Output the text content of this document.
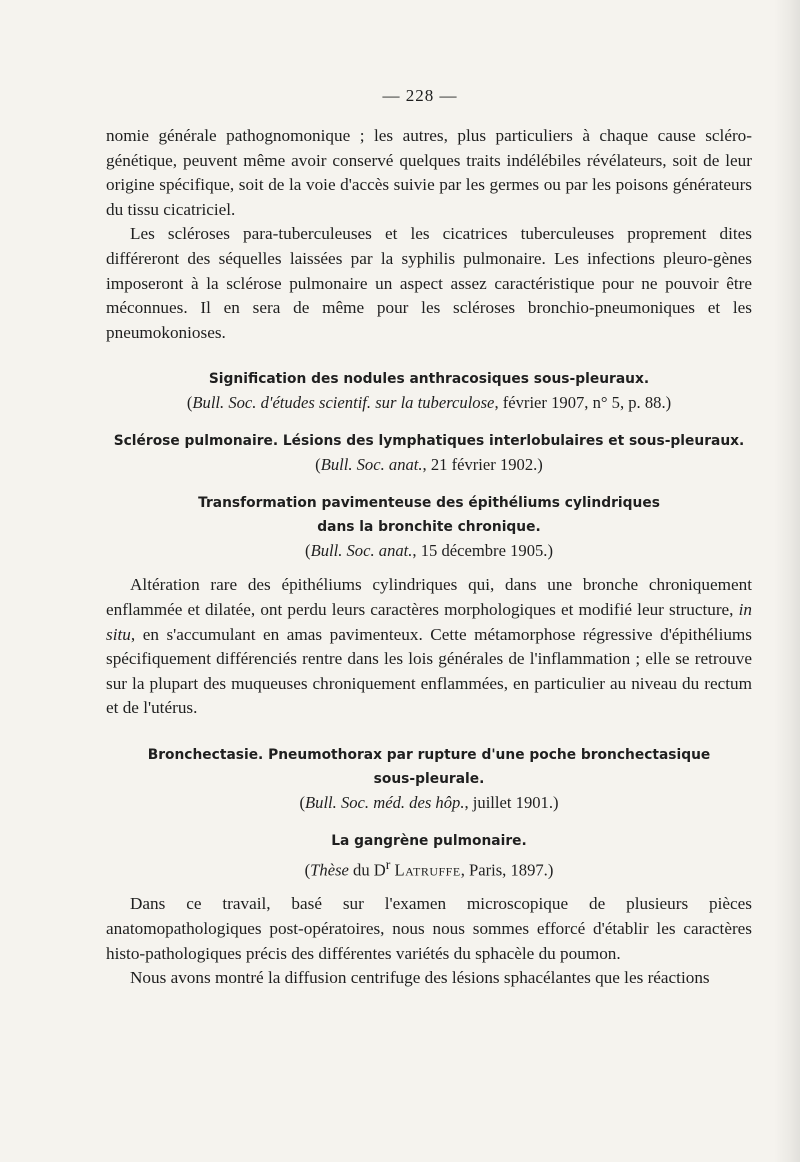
— 228 —

nomie générale pathognomonique ; les autres, plus particuliers à chaque cause scléro-génétique, peuvent même avoir conservé quelques traits indélébiles révélateurs, soit de leur origine spécifique, soit de la voie d'accès suivie par les germes ou par les poisons générateurs du tissu cicatriciel.

Les scléroses para-tuberculeuses et les cicatrices tuberculeuses proprement dites différeront des séquelles laissées par la syphilis pulmonaire. Les infections pleuro-gènes imposeront à la sclérose pulmonaire un aspect assez caractéristique pour ne pouvoir être méconnues. Il en sera de même pour les scléroses bronchio-pneumoniques et les pneumokonioses.

Signification des nodules anthracosiques sous-pleuraux.

(Bull. Soc. d'études scientif. sur la tuberculose, février 1907, n° 5, p. 88.)

Sclérose pulmonaire. Lésions des lymphatiques interlobulaires et sous-pleuraux.

(Bull. Soc. anat., 21 février 1902.)

Transformation pavimenteuse des épithéliums cylindriques

dans la bronchite chronique.

(Bull. Soc. anat., 15 décembre 1905.)

Altération rare des épithéliums cylindriques qui, dans une bronche chroniquement enflammée et dilatée, ont perdu leurs caractères morphologiques et modifié leur structure, in situ, en s'accumulant en amas pavimenteux. Cette métamorphose régressive d'épithéliums spécifiquement différenciés rentre dans les lois générales de l'inflammation ; elle se retrouve sur la plupart des muqueuses chroniquement enflammées, en particulier au niveau du rectum et de l'utérus.

Bronchectasie. Pneumothorax par rupture d'une poche bronchectasique

sous-pleurale.

(Bull. Soc. méd. des hôp., juillet 1901.)

La gangrène pulmonaire.

(Thèse du $D^r$ Latruffe, Paris, 1897.)

Dans ce travail, basé sur l'examen microscopique de plusieurs pièces anatomopathologiques post-opératoires, nous nous sommes efforcé d'établir les caractères histo-pathologiques précis des différentes variétés du sphacèle du poumon.

Nous avons montré la diffusion centrifuge des lésions sphacélantes que les réactions
